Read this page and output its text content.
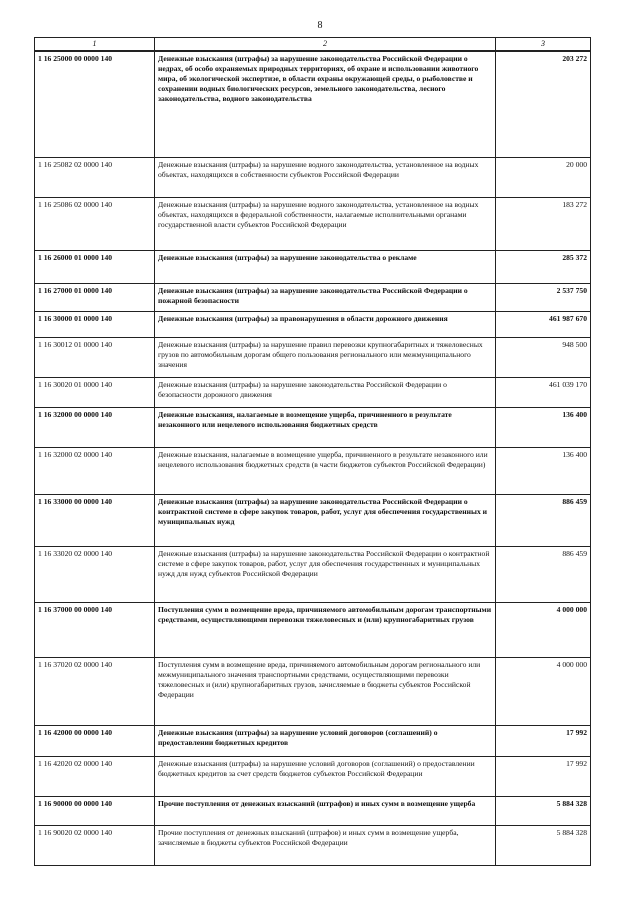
8
1	2	3
1 16 25000 00 0000 140	Денежные взыскания (штрафы) за нарушение законодательства Российской Федерации о недрах, об особо охраняемых природных территориях, об охране и использовании животного мира, об экологической экспертизе, в области охраны окружающей среды, о рыболовстве и сохранении водных биологических ресурсов, земельного законодательства, лесного законодательства, водного законодательства	203 272
1 16 25082 02 0000 140	Денежные взыскания (штрафы) за нарушение водного законодательства, установленное на водных объектах, находящихся в собственности субъектов Российской Федерации	20 000
1 16 25086 02 0000 140	Денежные взыскания (штрафы) за нарушение водного законодательства, установленное на водных объектах, находящихся в федеральной собственности, налагаемые исполнительными органами государственной власти субъектов Российской Федерации	183 272
1 16 26000 01 0000 140	Денежные взыскания (штрафы) за нарушение законодательства о рекламе	285 372
1 16 27000 01 0000 140	Денежные взыскания (штрафы) за нарушение законодательства Российской Федерации о пожарной безопасности	2 537 750
1 16 30000 01 0000 140	Денежные взыскания (штрафы) за правонарушения в области дорожного движения	461 987 670
1 16 30012 01 0000 140	Денежные взыскания (штрафы) за нарушение правил перевозки крупногабаритных и тяжеловесных грузов по автомобильным дорогам общего пользования регионального или межмуниципального значения	948 500
1 16 30020 01 0000 140	Денежные взыскания (штрафы) за нарушение законодательства Российской Федерации о безопасности дорожного движения	461 039 170
1 16 32000 00 0000 140	Денежные взыскания, налагаемые в возмещение ущерба, причиненного в результате незаконного или нецелевого использования бюджетных средств	136 400
1 16 32000 02 0000 140	Денежные взыскания, налагаемые в возмещение ущерба, причиненного в результате незаконного или нецелевого использования бюджетных средств (в части бюджетов субъектов Российской Федерации)	136 400
1 16 33000 00 0000 140	Денежные взыскания (штрафы) за нарушение законодательства Российской Федерации о контрактной системе в сфере закупок товаров, работ, услуг для обеспечения государственных и муниципальных нужд	886 459
1 16 33020 02 0000 140	Денежные взыскания (штрафы) за нарушение законодательства Российской Федерации о контрактной системе в сфере закупок товаров, работ, услуг для обеспечения государственных и муниципальных нужд для нужд субъектов Российской Федерации	886 459
1 16 37000 00 0000 140	Поступления сумм в возмещение вреда, причиняемого автомобильным дорогам транспортными средствами, осуществляющими перевозки тяжеловесных и (или) крупногабаритных грузов	4 000 000
1 16 37020 02 0000 140	Поступления сумм в возмещение вреда, причиняемого автомобильным дорогам регионального или межмуниципального значения транспортными средствами, осуществляющими перевозки тяжеловесных и (или) крупногабаритных грузов, зачисляемые в бюджеты субъектов Российской Федерации	4 000 000
1 16 42000 00 0000 140	Денежные взыскания (штрафы) за нарушение условий договоров (соглашений) о предоставлении бюджетных кредитов	17 992
1 16 42020 02 0000 140	Денежные взыскания (штрафы) за нарушение условий договоров (соглашений) о предоставлении бюджетных кредитов за счет средств бюджетов субъектов Российской Федерации	17 992
1 16 90000 00 0000 140	Прочие поступления от денежных взысканий (штрафов) и иных сумм в возмещение ущерба	5 884 328
1 16 90020 02 0000 140	Прочие поступления от денежных взысканий (штрафов) и иных сумм в возмещение ущерба, зачисляемые в бюджеты субъектов Российской Федерации	5 884 328
